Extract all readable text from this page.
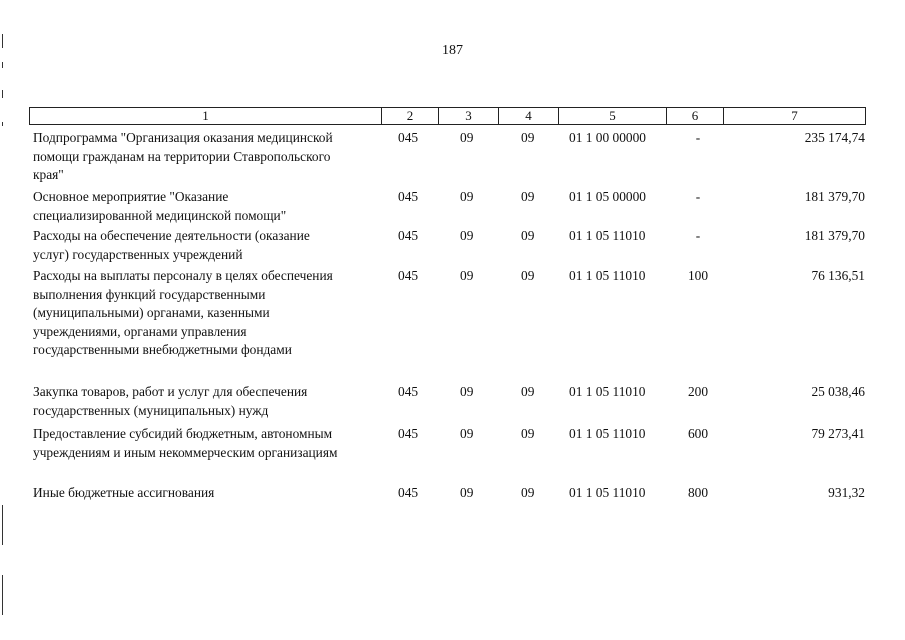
187
1	2	3	4	5	6	7
Подпрограмма "Организация оказания медицинской
помощи гражданам на территории Ставропольского
края"
045	09	09	01 1 00 00000	-	235 174,74
Основное мероприятие "Оказание
специализированной медицинской помощи"
045	09	09	01 1 05 00000	-	181 379,70
Расходы на обеспечение деятельности (оказание
услуг) государственных учреждений
045	09	09	01 1 05 11010	-	181 379,70
Расходы на выплаты персоналу в целях обеспечения
выполнения функций государственными
(муниципальными) органами, казенными
учреждениями, органами управления
государственными внебюджетными фондами
045	09	09	01 1 05 11010	100	76 136,51
Закупка товаров, работ и услуг для обеспечения
государственных (муниципальных) нужд
045	09	09	01 1 05 11010	200	25 038,46
Предоставление субсидий бюджетным, автономным
учреждениям и иным некоммерческим организациям
045	09	09	01 1 05 11010	600	79 273,41
Иные бюджетные ассигнования	045	09	09	01 1 05 11010	800	931,32
